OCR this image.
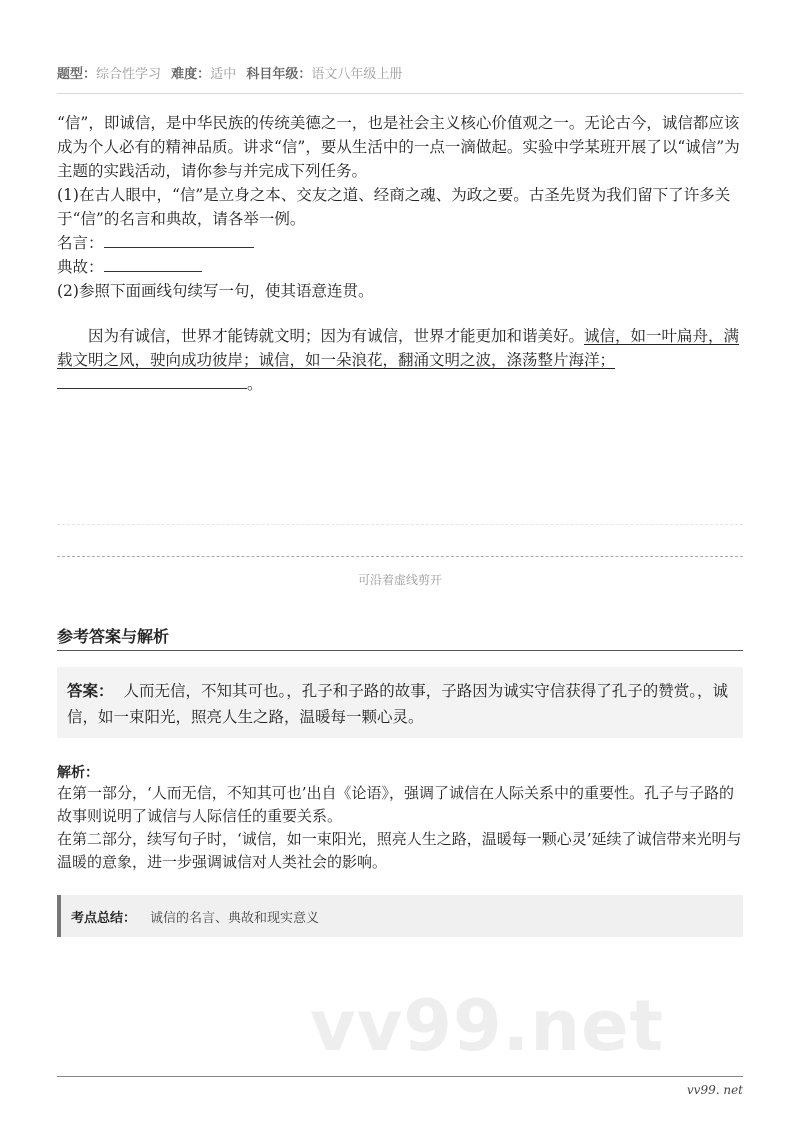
题型：综合性学习 难度：适中 科目年级：语文八年级上册

“信”，即诚信，是中华民族的传统美德之一，也是社会主义核心价值观之一。无论古今，诚信都应该成为个人必有的精神品质。讲求“信”，要从生活中的一点一滴做起。实验中学某班开展了以“诚信”为主题的实践活动，请你参与并完成下列任务。

(1)在古人眼中，“信”是立身之本、交友之道、经商之魂、为政之要。古圣先贤为我们留下了许多关于“信”的名言和典故，请各举一例。

名言：

典故：

(2)参照下面画线句续写一句，使其语意连贯。

因为有诚信，世界才能铸就文明；因为有诚信，世界才能更加和谐美好。诚信，如一叶扁舟，满载文明之风，驶向成功彼岸；诚信，如一朵浪花，翻涌文明之波，涤荡整片海洋；  。

可沿着虚线剪开
参考答案与解析
答案： 人而无信，不知其可也。，孔子和子路的故事，子路因为诚实守信获得了孔子的赞赏。，诚信，如一束阳光，照亮人生之路，温暖每一颗心灵。
解析：

在第一部分，‘人而无信，不知其可也’出自《论语》，强调了诚信在人际关系中的重要性。孔子与子路的故事则说明了诚信与人际信任的重要关系。

在第二部分，续写句子时，‘诚信，如一束阳光，照亮人生之路，温暖每一颗心灵’延续了诚信带来光明与温暖的意象，进一步强调诚信对人类社会的影响。

考点总结： 诚信的名言、典故和现实意义
vv99.net
vv99. net
